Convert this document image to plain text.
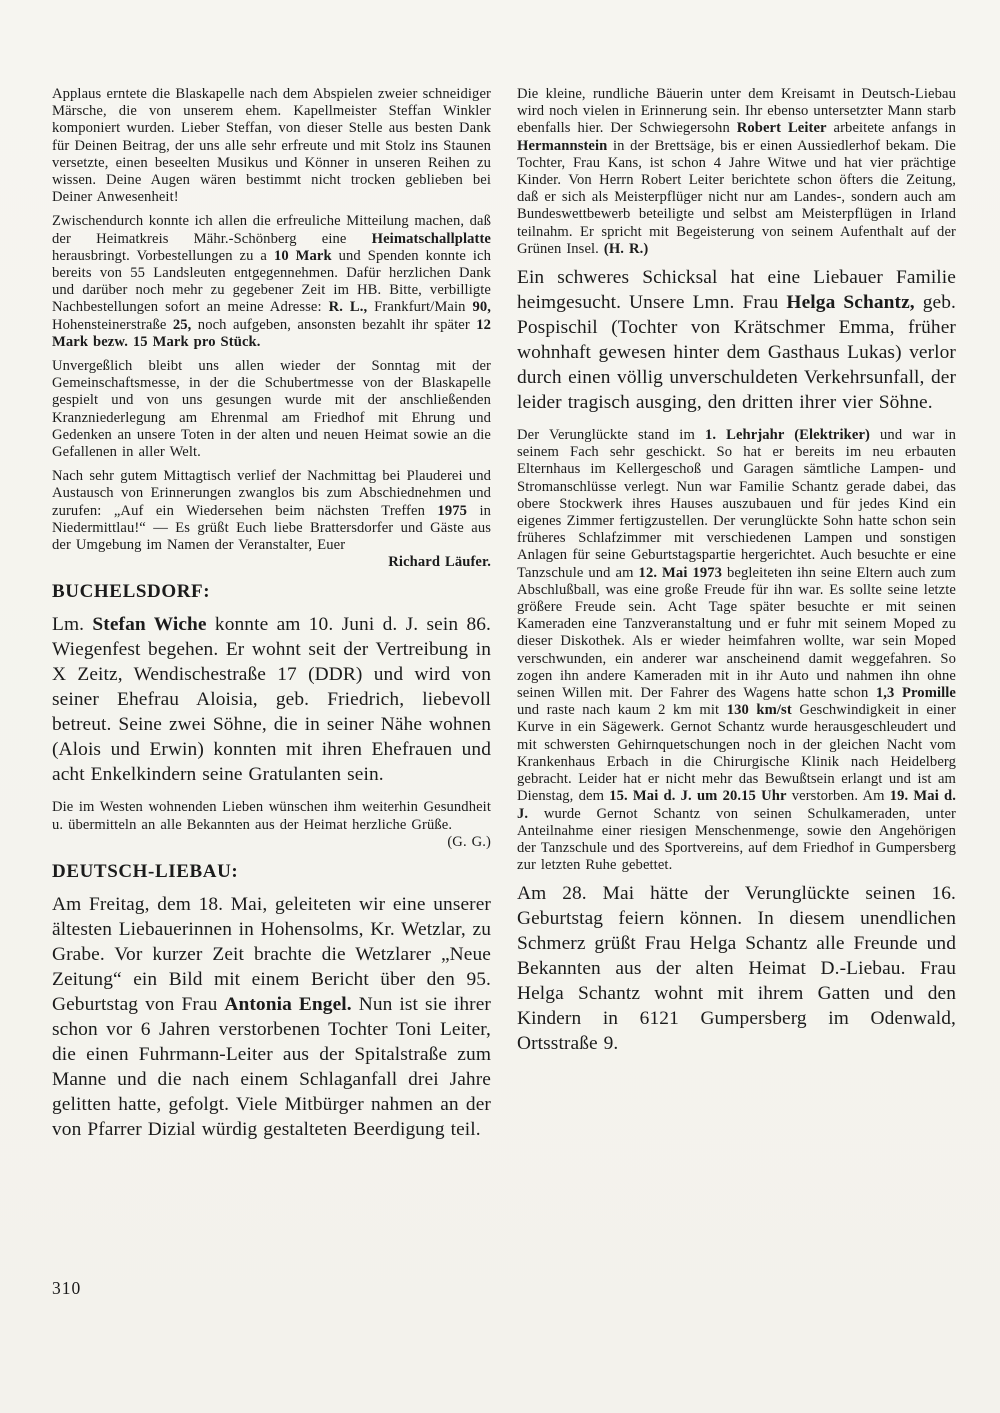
Applaus erntete die Blaskapelle nach dem Abspielen zweier schneidiger Märsche, die von unserem ehem. Kapellmeister Steffan Winkler komponiert wurden. Lieber Steffan, von dieser Stelle aus besten Dank für Deinen Beitrag, der uns alle sehr erfreute und mit Stolz ins Staunen versetzte, einen beseelten Musikus und Könner in unseren Reihen zu wissen. Deine Augen wären bestimmt nicht trocken geblieben bei Deiner Anwesenheit!

Zwischendurch konnte ich allen die erfreuliche Mitteilung machen, daß der Heimatkreis Mähr.-Schönberg eine Heimatschallplatte herausbringt. Vorbestellungen zu a 10 Mark und Spenden konnte ich bereits von 55 Landsleuten entgegennehmen. Dafür herzlichen Dank und darüber noch mehr zu gegebener Zeit im HB. Bitte, verbilligte Nachbestellungen sofort an meine Adresse: R. L., Frankfurt/Main 90, Hohensteinerstraße 25, noch aufgeben, ansonsten bezahlt ihr später 12 Mark bezw. 15 Mark pro Stück.

Unvergeßlich bleibt uns allen wieder der Sonntag mit der Gemeinschaftsmesse, in der die Schubertmesse von der Blaskapelle gespielt und von uns gesungen wurde mit der anschließenden Kranzniederlegung am Ehrenmal am Friedhof mit Ehrung und Gedenken an unsere Toten in der alten und neuen Heimat sowie an die Gefallenen in aller Welt.

Nach sehr gutem Mittagtisch verlief der Nachmittag bei Plauderei und Austausch von Erinnerungen zwanglos bis zum Abschiednehmen und zurufen: „Auf ein Wiedersehen beim nächsten Treffen 1975 in Niedermittlau!“ — Es grüßt Euch liebe Brattersdorfer und Gäste aus der Umgebung im Namen der Veranstalter, Euer

Richard Läufer.

BUCHELSDORF:

Lm. Stefan Wiche konnte am 10. Juni d. J. sein 86. Wiegenfest begehen. Er wohnt seit der Vertreibung in X Zeitz, Wendischestraße 17 (DDR) und wird von seiner Ehefrau Aloisia, geb. Friedrich, liebevoll betreut. Seine zwei Söhne, die in seiner Nähe wohnen (Alois und Erwin) konnten mit ihren Ehefrauen und acht Enkelkindern seine Gratulanten sein.

Die im Westen wohnenden Lieben wünschen ihm weiterhin Gesundheit u. übermitteln an alle Bekannten aus der Heimat herzliche Grüße.

(G. G.)

DEUTSCH-LIEBAU:

Am Freitag, dem 18. Mai, geleiteten wir eine unserer ältesten Liebauerinnen in Hohensolms, Kr. Wetzlar, zu Grabe. Vor kurzer Zeit brachte die Wetzlarer „Neue Zeitung“ ein Bild mit einem Bericht über den 95. Geburtstag von Frau Antonia Engel. Nun ist sie ihrer schon vor 6 Jahren verstorbenen Tochter Toni Leiter, die einen Fuhrmann-Leiter aus der Spitalstraße zum Manne und die nach einem Schlaganfall drei Jahre gelitten hatte, gefolgt. Viele Mitbürger nahmen an der von Pfarrer Dizial würdig gestalteten Beerdigung teil.

Die kleine, rundliche Bäuerin unter dem Kreisamt in Deutsch-Liebau wird noch vielen in Erinnerung sein. Ihr ebenso untersetzter Mann starb ebenfalls hier. Der Schwiegersohn Robert Leiter arbeitete anfangs in Hermannstein in der Brettsäge, bis er einen Aussiedlerhof bekam. Die Tochter, Frau Kans, ist schon 4 Jahre Witwe und hat vier prächtige Kinder. Von Herrn Robert Leiter berichtete schon öfters die Zeitung, daß er sich als Meisterpflüger nicht nur am Landes-, sondern auch am Bundeswettbewerb beteiligte und selbst am Meisterpflügen in Irland teilnahm. Er spricht mit Begeisterung von seinem Aufenthalt auf der Grünen Insel. (H. R.)

Ein schweres Schicksal hat eine Liebauer Familie heimgesucht. Unsere Lmn. Frau Helga Schantz, geb. Pospischil (Tochter von Krätschmer Emma, früher wohnhaft gewesen hinter dem Gasthaus Lukas) verlor durch einen völlig unverschuldeten Verkehrsunfall, der leider tragisch ausging, den dritten ihrer vier Söhne.

Der Verunglückte stand im 1. Lehrjahr (Elektriker) und war in seinem Fach sehr geschickt. So hat er bereits im neu erbauten Elternhaus im Kellergeschoß und Garagen sämtliche Lampen- und Stromanschlüsse verlegt. Nun war Familie Schantz gerade dabei, das obere Stockwerk ihres Hauses auszubauen und für jedes Kind ein eigenes Zimmer fertigzustellen. Der verunglückte Sohn hatte schon sein früheres Schlafzimmer mit verschiedenen Lampen und sonstigen Anlagen für seine Geburtstagspartie hergerichtet. Auch besuchte er eine Tanzschule und am 12. Mai 1973 begleiteten ihn seine Eltern auch zum Abschlußball, was eine große Freude für ihn war. Es sollte seine letzte größere Freude sein. Acht Tage später besuchte er mit seinen Kameraden eine Tanzveranstaltung und er fuhr mit seinem Moped zu dieser Diskothek. Als er wieder heimfahren wollte, war sein Moped verschwunden, ein anderer war anscheinend damit weggefahren. So zogen ihn andere Kameraden mit in ihr Auto und nahmen ihn ohne seinen Willen mit. Der Fahrer des Wagens hatte schon 1,3 Promille und raste nach kaum 2 km mit 130 km/st Geschwindigkeit in einer Kurve in ein Sägewerk. Gernot Schantz wurde herausgeschleudert und mit schwersten Gehirnquetschungen noch in der gleichen Nacht vom Krankenhaus Erbach in die Chirurgische Klinik nach Heidelberg gebracht. Leider hat er nicht mehr das Bewußtsein erlangt und ist am Dienstag, dem 15. Mai d. J. um 20.15 Uhr verstorben. Am 19. Mai d. J. wurde Gernot Schantz von seinen Schulkameraden, unter Anteilnahme einer riesigen Menschenmenge, sowie den Angehörigen der Tanzschule und des Sportvereins, auf dem Friedhof in Gumpersberg zur letzten Ruhe gebettet.

Am 28. Mai hätte der Verunglückte seinen 16. Geburtstag feiern können. In diesem unendlichen Schmerz grüßt Frau Helga Schantz alle Freunde und Bekannten aus der alten Heimat D.-Liebau. Frau Helga Schantz wohnt mit ihrem Gatten und den Kindern in 6121 Gumpersberg im Odenwald, Ortsstraße 9.

310
